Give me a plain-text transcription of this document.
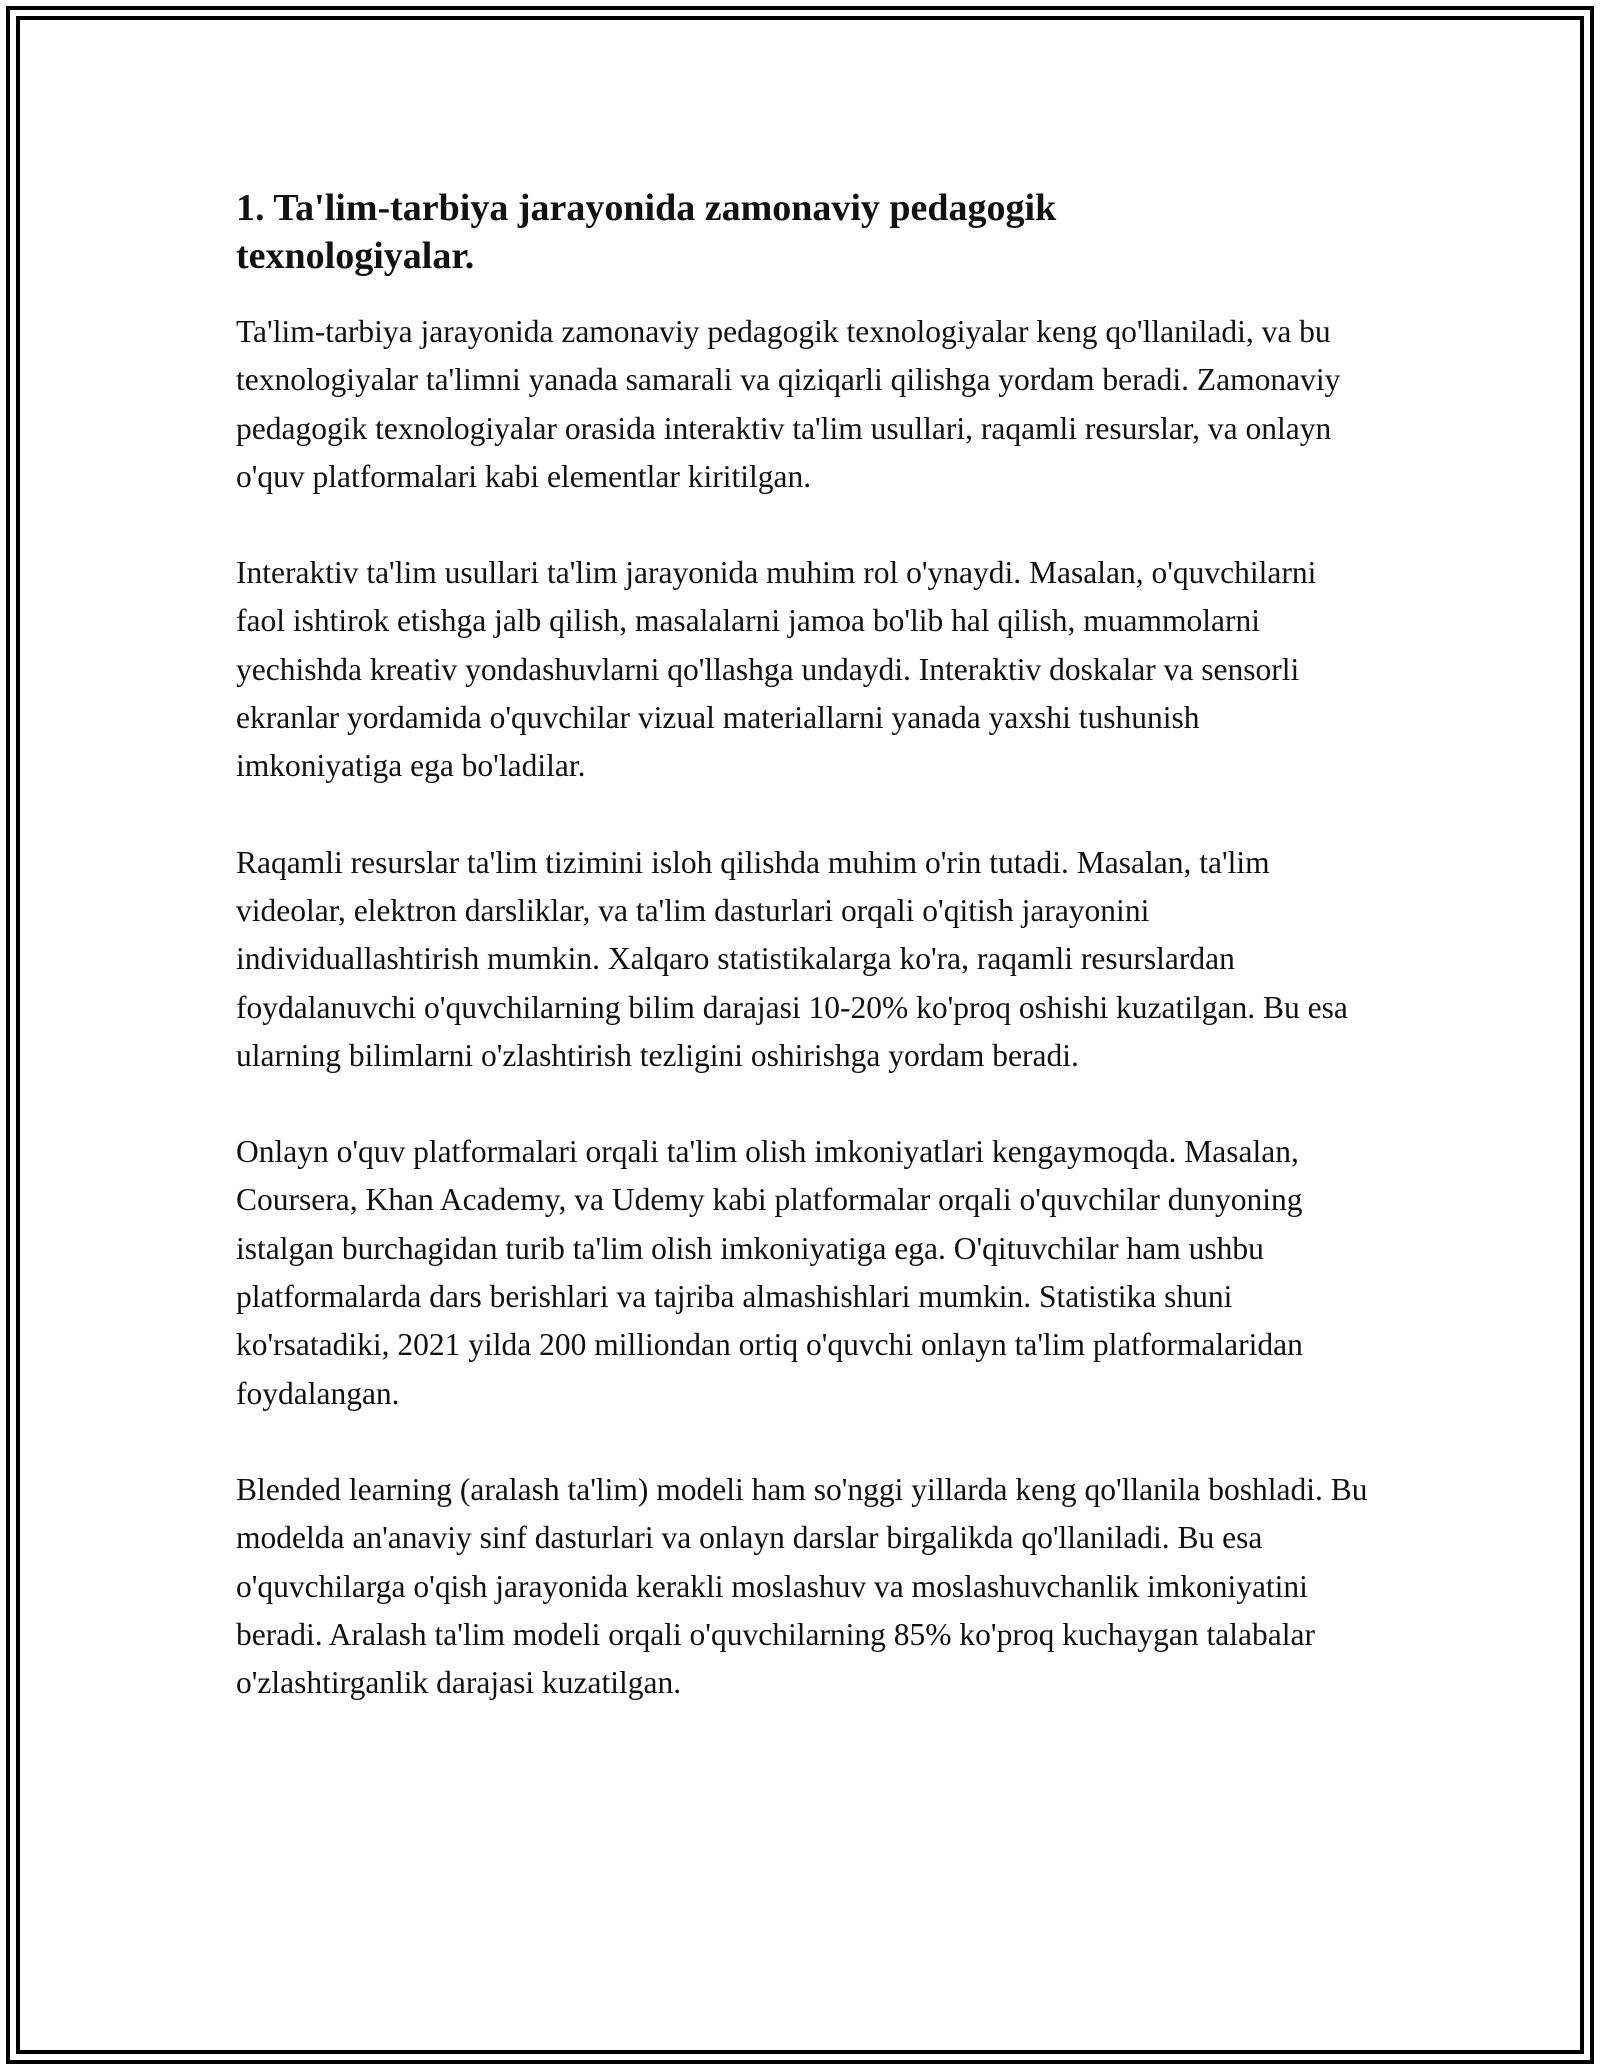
1. Ta'lim-tarbiya jarayonida zamonaviy pedagogik texnologiyalar.

Ta'lim-tarbiya jarayonida zamonaviy pedagogik texnologiyalar keng qo'llaniladi, va bu texnologiyalar ta'limni yanada samarali va qiziqarli qilishga yordam beradi. Zamonaviy pedagogik texnologiyalar orasida interaktiv ta'lim usullari, raqamli resurslar, va onlayn o'quv platformalari kabi elementlar kiritilgan.

Interaktiv ta'lim usullari ta'lim jarayonida muhim rol o'ynaydi. Masalan, o'quvchilarni faol ishtirok etishga jalb qilish, masalalarni jamoa bo'lib hal qilish, muammolarni yechishda kreativ yondashuvlarni qo'llashga undaydi. Interaktiv doskalar va sensorli ekranlar yordamida o'quvchilar vizual materiallarni yanada yaxshi tushunish imkoniyatiga ega bo'ladilar.

Raqamli resurslar ta'lim tizimini isloh qilishda muhim o'rin tutadi. Masalan, ta'lim videolar, elektron darsliklar, va ta'lim dasturlari orqali o'qitish jarayonini individuallashtirish mumkin. Xalqaro statistikalarga ko'ra, raqamli resurslardan foydalanuvchi o'quvchilarning bilim darajasi 10-20% ko'proq oshishi kuzatilgan. Bu esa ularning bilimlarni o'zlashtirish tezligini oshirishga yordam beradi.

Onlayn o'quv platformalari orqali ta'lim olish imkoniyatlari kengaymoqda. Masalan, Coursera, Khan Academy, va Udemy kabi platformalar orqali o'quvchilar dunyoning istalgan burchagidan turib ta'lim olish imkoniyatiga ega. O'qituvchilar ham ushbu platformalarda dars berishlari va tajriba almashishlari mumkin. Statistika shuni ko'rsatadiki, 2021 yilda 200 milliondan ortiq o'quvchi onlayn ta'lim platformalaridan foydalangan.

Blended learning (aralash ta'lim) modeli ham so'nggi yillarda keng qo'llanila boshladi. Bu modelda an'anaviy sinf dasturlari va onlayn darslar birgalikda qo'llaniladi. Bu esa o'quvchilarga o'qish jarayonida kerakli moslashuv va moslashuvchanlik imkoniyatini beradi. Aralash ta'lim modeli orqali o'quvchilarning 85% ko'proq kuchaygan talabalar o'zlashtirganlik darajasi kuzatilgan.
